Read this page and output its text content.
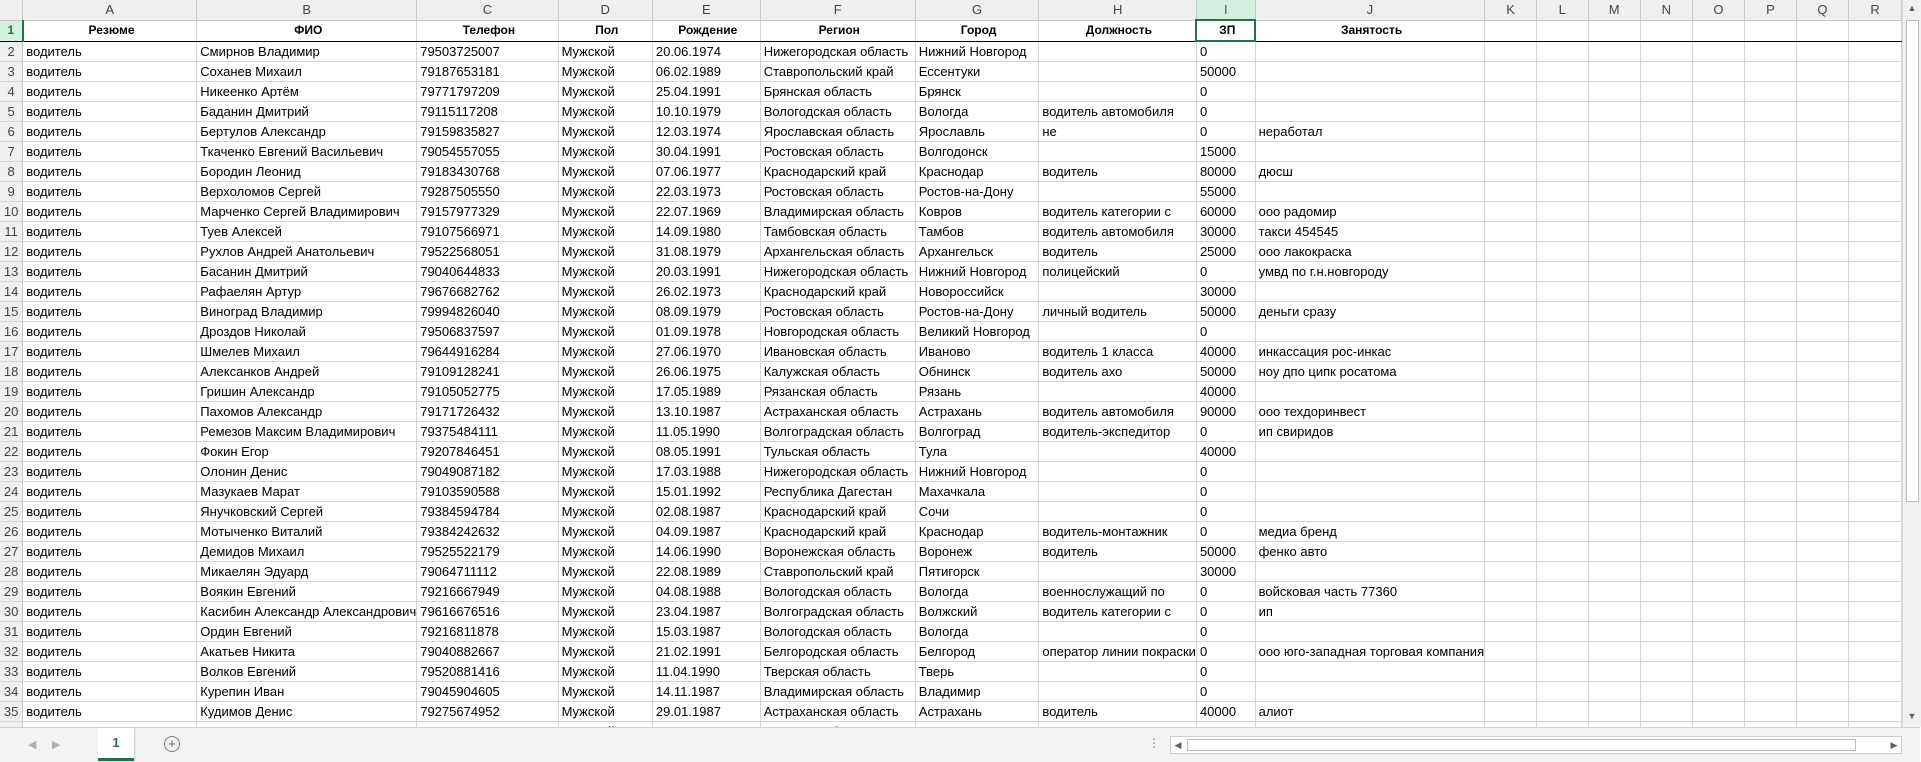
	A	B	C	D	E	F	G	H	I	J	K	L	M	N	O	P	Q	R
1	Резюме	ФИО	Телефон	Пол	Рождение	Регион	Город	Должность	ЗП	Занятость								
2	водитель	Смирнов Владимир	79503725007	Мужской	20.06.1974	Нижегородская область	Нижний Новгород		0									
3	водитель	Соханев Михаил	79187653181	Мужской	06.02.1989	Ставропольский край	Ессентуки		50000									
4	водитель	Никеенко Артём	79771797209	Мужской	25.04.1991	Брянская область	Брянск		0									
5	водитель	Баданин Дмитрий	79115117208	Мужской	10.10.1979	Вологодская область	Вологда	водитель автомобиля	0									
6	водитель	Бертулов Александр	79159835827	Мужской	12.03.1974	Ярославская область	Ярославль	не	0	неработал								
7	водитель	Ткаченко Евгений Васильевич	79054557055	Мужской	30.04.1991	Ростовская область	Волгодонск		15000									
8	водитель	Бородин Леонид	79183430768	Мужской	07.06.1977	Краснодарский край	Краснодар	водитель	80000	дюсш								
9	водитель	Верхоломов Сергей	79287505550	Мужской	22.03.1973	Ростовская область	Ростов-на-Дону		55000									
10	водитель	Марченко Сергей Владимирович	79157977329	Мужской	22.07.1969	Владимирская область	Ковров	водитель категории с	60000	ооо радомир								
11	водитель	Туев Алексей	79107566971	Мужской	14.09.1980	Тамбовская область	Тамбов	водитель автомобиля	30000	такси 454545								
12	водитель	Рухлов Андрей Анатольевич	79522568051	Мужской	31.08.1979	Архангельская область	Архангельск	водитель	25000	ооо лакокраска								
13	водитель	Басанин Дмитрий	79040644833	Мужской	20.03.1991	Нижегородская область	Нижний Новгород	полицейский	0	умвд по г.н.новгороду								
14	водитель	Рафаелян Артур	79676682762	Мужской	26.02.1973	Краснодарский край	Новороссийск		30000									
15	водитель	Виноград Владимир	79994826040	Мужской	08.09.1979	Ростовская область	Ростов-на-Дону	личный водитель	50000	деньги сразу								
16	водитель	Дроздов Николай	79506837597	Мужской	01.09.1978	Новгородская область	Великий Новгород		0									
17	водитель	Шмелев Михаил	79644916284	Мужской	27.06.1970	Ивановская область	Иваново	водитель 1 класса	40000	инкассация рос-инкас								
18	водитель	Алексанков Андрей	79109128241	Мужской	26.06.1975	Калужская область	Обнинск	водитель ахо	50000	ноу дпо ципк росатома								
19	водитель	Гришин Александр	79105052775	Мужской	17.05.1989	Рязанская область	Рязань		40000									
20	водитель	Пахомов Александр	79171726432	Мужской	13.10.1987	Астраханская область	Астрахань	водитель автомобиля	90000	ооо техдоринвест								
21	водитель	Ремезов Максим Владимирович	79375484111	Мужской	11.05.1990	Волгоградская область	Волгоград	водитель-экспедитор	0	ип свиридов								
22	водитель	Фокин Егор	79207846451	Мужской	08.05.1991	Тульская область	Тула		40000									
23	водитель	Олонин Денис	79049087182	Мужской	17.03.1988	Нижегородская область	Нижний Новгород		0									
24	водитель	Мазукаев Марат	79103590588	Мужской	15.01.1992	Республика Дагестан	Махачкала		0									
25	водитель	Янучковский Сергей	79384594784	Мужской	02.08.1987	Краснодарский край	Сочи		0									
26	водитель	Мотыченко Виталий	79384242632	Мужской	04.09.1987	Краснодарский край	Краснодар	водитель-монтажник	0	медиа бренд								
27	водитель	Демидов Михаил	79525522179	Мужской	14.06.1990	Воронежская область	Воронеж	водитель	50000	фенко авто								
28	водитель	Микаелян Эдуард	79064711112	Мужской	22.08.1989	Ставропольский край	Пятигорск		30000									
29	водитель	Воякин Евгений	79216667949	Мужской	04.08.1988	Вологодская область	Вологда	военнослужащий по	0	войсковая часть 77360								
30	водитель	Касибин Александр Александрович	79616676516	Мужской	23.04.1987	Волгоградская область	Волжский	водитель категории с	0	ип								
31	водитель	Ордин Евгений	79216811878	Мужской	15.03.1987	Вологодская область	Вологда		0									
32	водитель	Акатьев Никита	79040882667	Мужской	21.02.1991	Белгородская область	Белгород	оператор линии покраски	0	ооо юго-западная торговая компания								
33	водитель	Волков Евгений	79520881416	Мужской	11.04.1990	Тверская область	Тверь		0									
34	водитель	Курепин Иван	79045904605	Мужской	14.11.1987	Владимирская область	Владимир		0									
35	водитель	Кудимов Денис	79275674952	Мужской	29.01.1987	Астраханская область	Астрахань	водитель	40000	алиот								

▲
▼
◀ ▶	1	+	⋮	◀	▶
